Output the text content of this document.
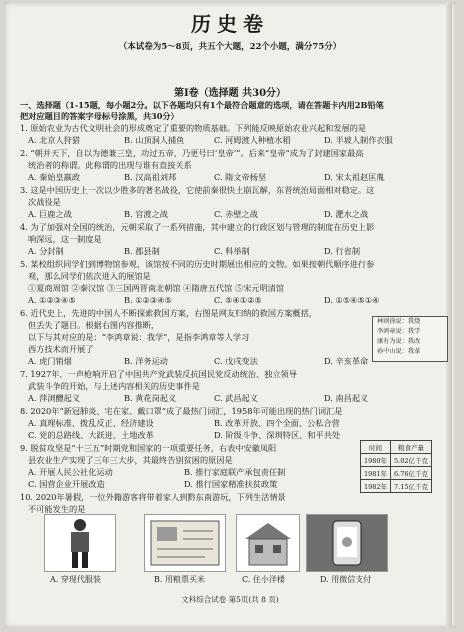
历史卷
（本试卷为5～8页，共五个大题，22个小题，满分75分）
第Ⅰ卷（选择题 共30分）
一、选择题（1-15题，每小题2分。以下各题均只有1个最符合题意的选项，请在答题卡内用2B铅笔
把对应题目的答案字母标号涂黑，共30分）
1. 原始农业为古代文明社会的形成奠定了重要的物质基础。下列能反映原始农业兴起和发展的是
A. 北京人狩猎	B. 山顶洞人捕鱼	C. 河姆渡人种植水稻	D. 半坡人制作衣服
2. “朝并天下，自以为德兼三皇，功过五帝，乃更号曰‘皇帝’”。后来“皇帝”成为了封建国家最高
统治者的称谓。此称谓的出现与谁有直接关系
A. 秦始皇嬴政	B. 汉高祖刘邦	C. 隋文帝杨坚	D. 宋太祖赵匡胤
3. 这是中国历史上一次以少胜多的著名战役，它使前秦很快土崩瓦解，东晋统治局面相对稳定。这
次战役是
A. 巨鹿之战	B. 官渡之战	C. 赤壁之战	D. 淝水之战
4. 为了加强对全国的统治，元朝采取了一系列措施，其中建立的行政区划与管理的制度在历史上影
响深远，这一制度是
A. 分封制	B. 郡县制	C. 科举制	D. 行省制
5. 某校组织同学们到博物馆参观，该馆按不同的历史时期展出相应的文物。如果按朝代顺序进行参
观，那么同学们依次进入的展馆是
①夏商周馆 ②秦汉馆 ③三国两晋南北朝馆 ④隋唐五代馆 ⑤宋元明清馆
A. ①②③④⑤	B. ①②③④⑤	C. ⑤④①②⑤	D. ①⑤④⑤①④
6. 近代史上，先进的中国人不断探索救国方案，右图是网友归纳的救国方案概括，
但丢失了题目。根据右图内容推断，
以下与其对应的是：“李鸿章说：我学”，是指李鸿章等人学习
西方技术而开展了
A. 虎门销烟	B. 洋务运动	C. 戊戌变法	D. 辛亥革命
林则徐说：我烧
李鸿章说：我学
康有为说：我改
孙中山说：我革
7. 1927年，一声枪响开启了中国共产党武装反抗国民党反动统治、独立领导
武装斗争的开始，与上述内容相关的历史事件是
A. 萍浏醴起义	B. 黄花岗起义	C. 武昌起义	D. 南昌起义
8. 2020年“新冠肺炎、宅在家、戴口罩”成了最热门词汇，1958年可能出现的热门词汇是
A. 真理标准、拨乱反正、经济建设	B. 改革开放、四个全面、公私合营
C. 党的总路线、大跃进、土地改革	D. 阶级斗争、深圳特区、和平共处
9. 脱贫攻坚是“十三五”时期党和国家的一项重要任务，右表中安徽凤阳
县农业生产实现了三年三大步，其最终告别贫困的原因是
A. 开展人民公社化运动	B. 推行家庭联产承包责任制
C. 国营企业开展改造	D. 推行国家精准扶贫政策
时间	粮食产量
1980年	5.02亿千克
1981年	6.76亿千克
1982年	7.15亿千克
10. 2020年暑假，一位外籍游客将带着家人到黔东南游玩，下列生活情景
不可能发生的是
A. 穿现代服装	B. 用粮票买米	C. 住小洋楼	D. 用微信支付
文科综合试卷 第5页(共 8 页)
